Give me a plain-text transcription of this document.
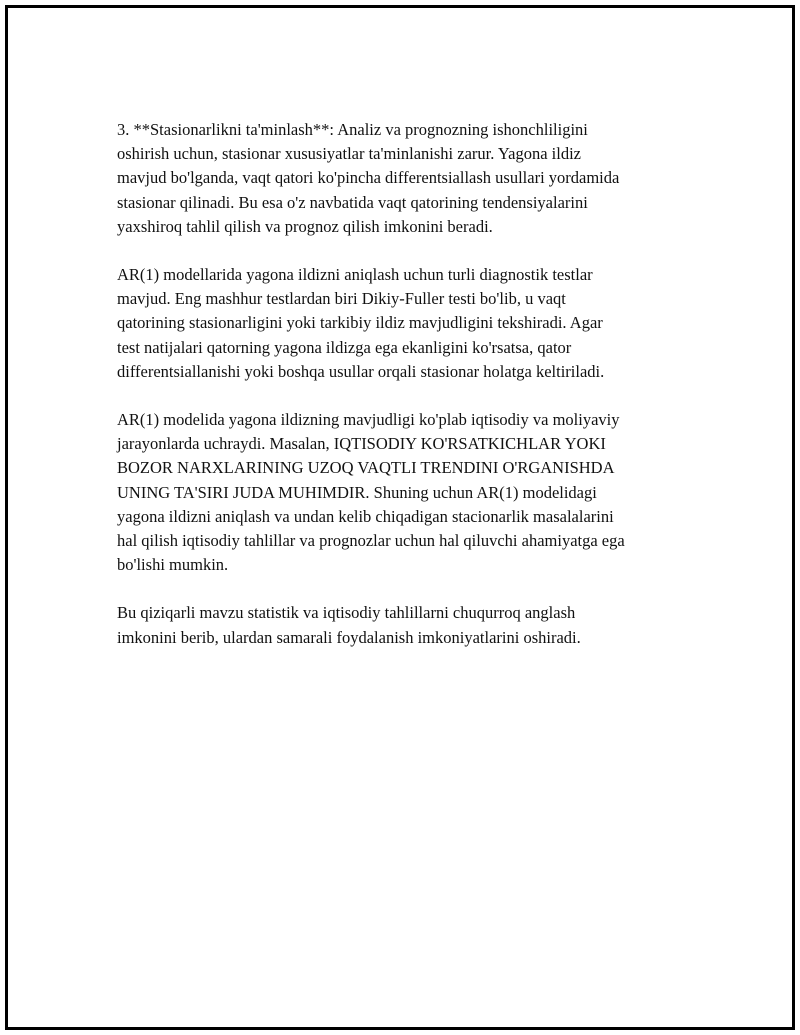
3. **Stasionarlikni ta'minlash**: Analiz va prognozning ishonchliligini
oshirish uchun, stasionar xususiyatlar ta'minlanishi zarur. Yagona ildiz
mavjud bo'lganda, vaqt qatori ko'pincha differentsiallash usullari yordamida
stasionar qilinadi. Bu esa o'z navbatida vaqt qatorining tendensiyalarini
yaxshiroq tahlil qilish va prognoz qilish imkonini beradi.

AR(1) modellarida yagona ildizni aniqlash uchun turli diagnostik testlar
mavjud. Eng mashhur testlardan biri Dikiy-Fuller testi bo'lib, u vaqt
qatorining stasionarligini yoki tarkibiy ildiz mavjudligini tekshiradi. Agar
test natijalari qatorning yagona ildizga ega ekanligini ko'rsatsa, qator
differentsiallanishi yoki boshqa usullar orqali stasionar holatga keltiriladi.

AR(1) modelida yagona ildizning mavjudligi ko'plab iqtisodiy va moliyaviy
jarayonlarda uchraydi. Masalan, IQTISODIY KO'RSATKICHLAR YOKI
BOZOR NARXLARINING UZOQ VAQTLI TRENDINI O'RGANISHDA
UNING TA'SIRI JUDA MUHIMDIR. Shuning uchun AR(1) modelidagi
yagona ildizni aniqlash va undan kelib chiqadigan stacionarlik masalalarini
hal qilish iqtisodiy tahlillar va prognozlar uchun hal qiluvchi ahamiyatga ega
bo'lishi mumkin.

Bu qiziqarli mavzu statistik va iqtisodiy tahlillarni chuqurroq anglash
imkonini berib, ulardan samarali foydalanish imkoniyatlarini oshiradi.
